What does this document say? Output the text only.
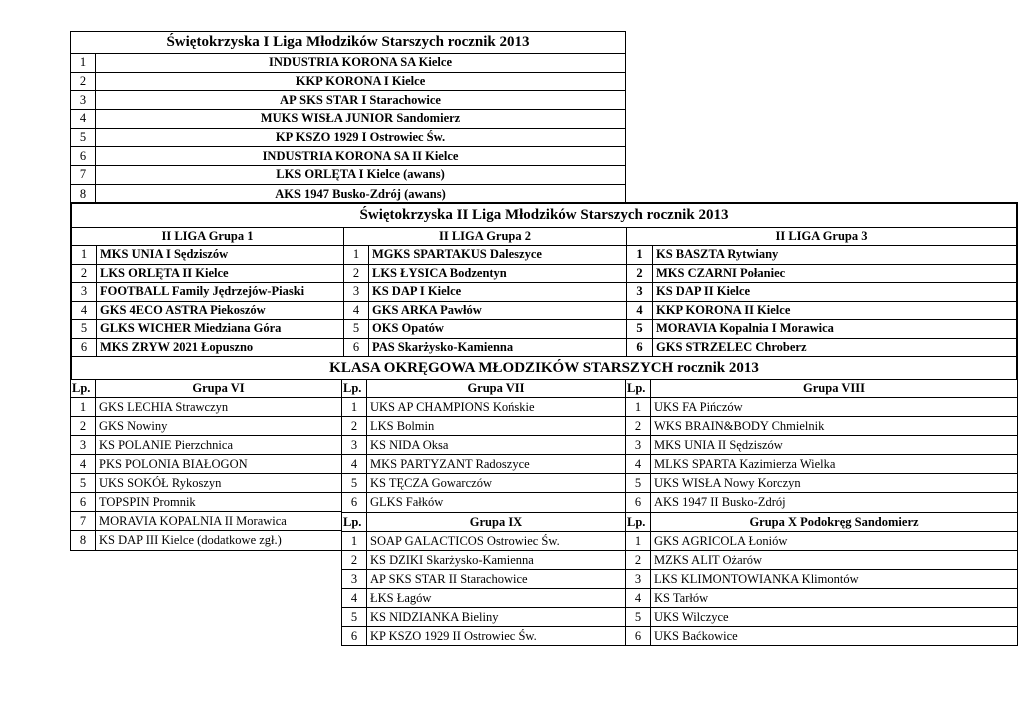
Świętokrzyska I Liga Młodzików Starszych rocznik 2013
1	INDUSTRIA KORONA SA Kielce
2	KKP KORONA I Kielce
3	AP SKS STAR I Starachowice
4	MUKS WISŁA JUNIOR Sandomierz
5	KP KSZO 1929 I Ostrowiec Św.
6	INDUSTRIA KORONA SA II Kielce
7	LKS ORLĘTA I Kielce (awans)
8	AKS 1947 Busko-Zdrój (awans)
Świętokrzyska II Liga Młodzików Starszych rocznik 2013
II LIGA Grupa 1
1	MKS UNIA I Sędziszów
2	LKS ORLĘTA II Kielce
3	FOOTBALL Family Jędrzejów-Piaski
4	GKS 4ECO ASTRA Piekoszów
5	GLKS WICHER Miedziana Góra
6	MKS ZRYW 2021 Łopuszno
II LIGA Grupa 2
1	MGKS SPARTAKUS Daleszyce
2	LKS ŁYSICA Bodzentyn
3	KS DAP I Kielce
4	GKS ARKA Pawłów
5	OKS Opatów
6	PAS Skarżysko-Kamienna
II LIGA Grupa 3
1	KS BASZTA Rytwiany
2	MKS CZARNI Połaniec
3	KS DAP II Kielce
4	KKP KORONA II Kielce
5	MORAVIA Kopalnia I Morawica
6	GKS STRZELEC Chroberz
KLASA OKRĘGOWA MŁODZIKÓW STARSZYCH rocznik 2013
Lp.	Grupa VI
1	GKS LECHIA Strawczyn
2	GKS Nowiny
3	KS POLANIE Pierzchnica
4	PKS POLONIA BIAŁOGON
5	UKS SOKÓŁ Rykoszyn
6	TOPSPIN Promnik
7	MORAVIA KOPALNIA II Morawica
8	KS DAP III Kielce (dodatkowe zgł.)
Lp.	Grupa VII
1	UKS AP CHAMPIONS Końskie
2	LKS Bolmin
3	KS NIDA Oksa
4	MKS PARTYZANT Radoszyce
5	KS TĘCZA Gowarczów
6	GLKS Fałków
Lp.	Grupa VIII
1	UKS FA Pińczów
2	WKS BRAIN&BODY Chmielnik
3	MKS UNIA II Sędziszów
4	MLKS SPARTA Kazimierza Wielka
5	UKS WISŁA Nowy Korczyn
6	AKS 1947 II Busko-Zdrój
Lp.	Grupa IX
1	SOAP GALACTICOS Ostrowiec Św.
2	KS DZIKI Skarżysko-Kamienna
3	AP SKS STAR II Starachowice
4	ŁKS Łagów
5	KS NIDZIANKA Bieliny
6	KP KSZO 1929 II Ostrowiec Św.
Lp.	Grupa X Podokręg Sandomierz
1	GKS AGRICOLA Łoniów
2	MZKS ALIT Ożarów
3	LKS KLIMONTOWIANKA Klimontów
4	KS Tarłów
5	UKS Wilczyce
6	UKS Baćkowice
